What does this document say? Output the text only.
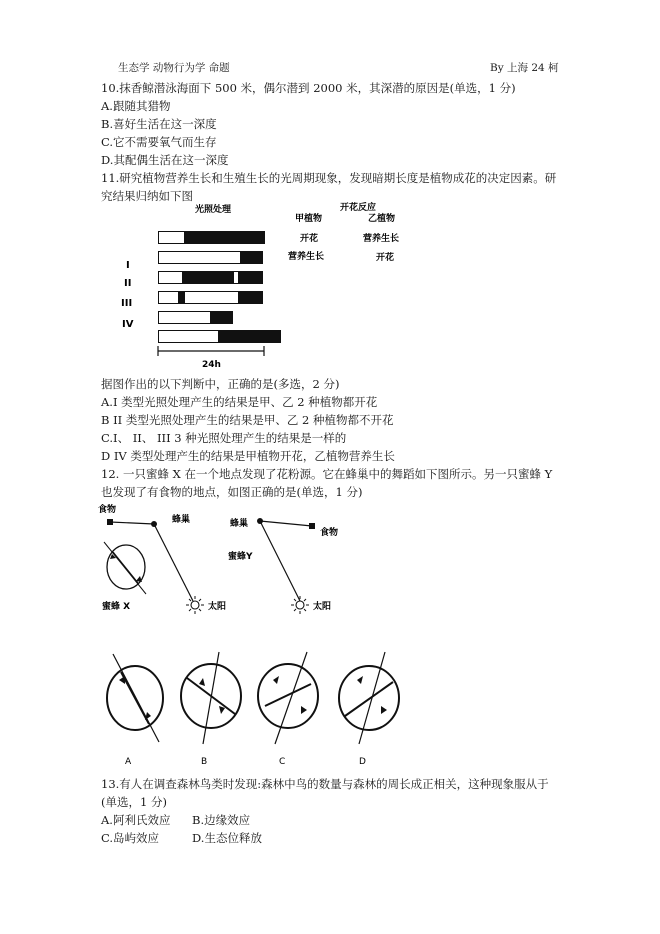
生态学 动物行为学 命题	By 上海 24 柯
10.抹香鲸潜泳海面下 500 米，偶尔潜到 2000 米，其深潜的原因是(单选，1 分)
A.跟随其猎物
B.喜好生活在这一深度
C.它不需要氧气而生存
D.其配偶生活在这一深度
11.研究植物营养生长和生殖生长的光周期现象，发现暗期长度是植物成花的决定因素。研
究结果归纳如下图
光照处理	开花反应
甲植物	乙植物
开花	营养生长
营养生长	开花
I
II
III
IV
24h
据图作出的以下判断中，正确的是(多选，2 分)
A.I 类型光照处理产生的结果是甲、乙 2 种植物都开花
B II 类型光照处理产生的结果是甲、乙 2 种植物都不开花
C.I、 II、 III 3 种光照处理产生的结果是一样的
D IV 类型处理产生的结果是甲植物开花，乙植物营养生长
12. 一只蜜蜂 X 在一个地点发现了花粉源。它在蜂巢中的舞蹈如下图所示。另一只蜜蜂 Y
也发现了有食物的地点，如图正确的是(单选，1 分)
食物
蜂巢
太阳
蜜蜂 X
蜂巢
食物
太阳
蜜蜂Y
A	B	C	D
13.有人在调查森林鸟类时发现:森林中鸟的数量与森林的周长成正相关，这种现象服从于
(单选，1 分)
A.阿利氏效应 B.边缘效应
C.岛屿效应	D.生态位释放
